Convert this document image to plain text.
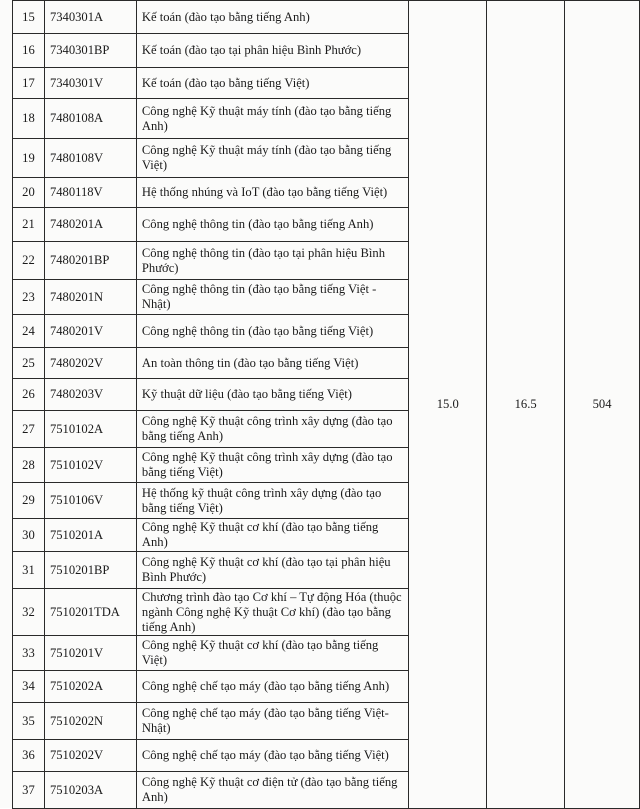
15	7340301A	Kế toán (đào tạo bằng tiếng Anh)	15.0	16.5	504
16	7340301BP	Kế toán (đào tạo tại phân hiệu Bình Phước)			
17	7340301V	Kế toán (đào tạo bằng tiếng Việt)			
18	7480108A	Công nghệ Kỹ thuật máy tính (đào tạo bằng tiếng Anh)			
19	7480108V	Công nghệ Kỹ thuật máy tính (đào tạo bằng tiếng Việt)			
20	7480118V	Hệ thống nhúng và IoT (đào tạo bằng tiếng Việt)			
21	7480201A	Công nghệ thông tin (đào tạo bằng tiếng Anh)			
22	7480201BP	Công nghệ thông tin (đào tạo tại phân hiệu Bình Phước)			
23	7480201N	Công nghệ thông tin (đào tạo bằng tiếng Việt - Nhật)			
24	7480201V	Công nghệ thông tin (đào tạo bằng tiếng Việt)			
25	7480202V	An toàn thông tin (đào tạo bằng tiếng Việt)			
26	7480203V	Kỹ thuật dữ liệu (đào tạo bằng tiếng Việt)			
27	7510102A	Công nghệ Kỹ thuật công trình xây dựng (đào tạo bằng tiếng Anh)			
28	7510102V	Công nghệ Kỹ thuật công trình xây dựng (đào tạo bằng tiếng Việt)			
29	7510106V	Hệ thống kỹ thuật công trình xây dựng (đào tạo bằng tiếng Việt)			
30	7510201A	Công nghệ Kỹ thuật cơ khí (đào tạo bằng tiếng Anh)			
31	7510201BP	Công nghệ Kỹ thuật cơ khí (đào tạo tại phân hiệu Bình Phước)			
32	7510201TDA	Chương trình đào tạo Cơ khí – Tự động Hóa (thuộc ngành Công nghệ Kỹ thuật Cơ khí) (đào tạo bằng tiếng Anh)			
33	7510201V	Công nghệ Kỹ thuật cơ khí (đào tạo bằng tiếng Việt)			
34	7510202A	Công nghệ chế tạo máy (đào tạo bằng tiếng Anh)			
35	7510202N	Công nghệ chế tạo máy (đào tạo bằng tiếng Việt-Nhật)			
36	7510202V	Công nghệ chế tạo máy (đào tạo bằng tiếng Việt)			
37	7510203A	Công nghệ Kỹ thuật cơ điện tử (đào tạo bằng tiếng Anh)			
